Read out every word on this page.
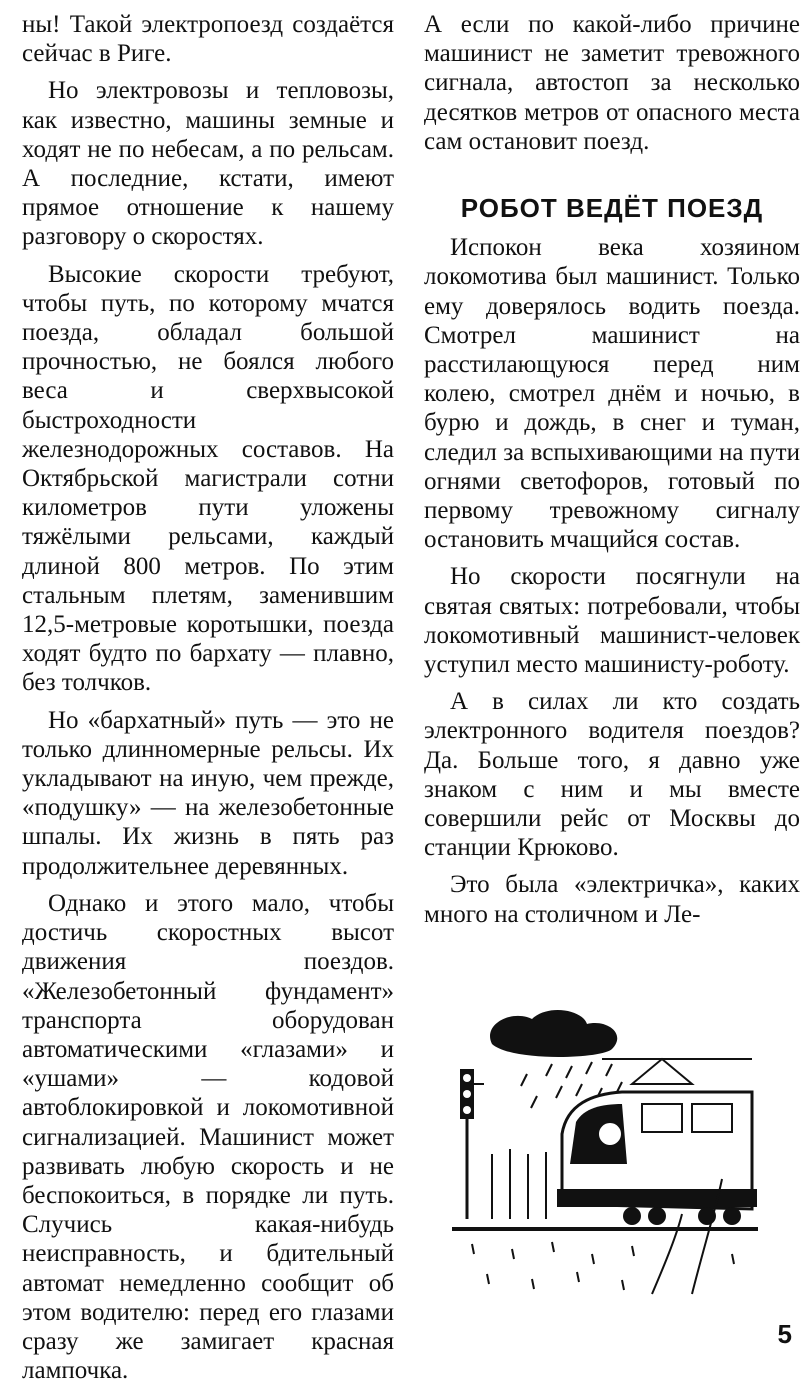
ны! Такой электропоезд создаётся сейчас в Риге.

Но электровозы и тепловозы, как известно, машины земные и ходят не по небесам, а по рельсам. А последние, кстати, имеют прямое отношение к нашему разговору о скоростях.

Высокие скорости требуют, чтобы путь, по которому мчатся поезда, обладал большой прочностью, не боялся любого веса и сверхвысокой быстроходности железнодорожных составов. На Октябрьской магистрали сотни километров пути уложены тяжёлыми рельсами, каждый длиной 800 метров. По этим стальным плетям, заменившим 12,5-метровые коротышки, поезда ходят будто по бархату — плавно, без толчков.

Но «бархатный» путь — это не только длинномерные рельсы. Их укладывают на иную, чем прежде, «подушку» — на железобетонные шпалы. Их жизнь в пять раз продолжительнее деревянных.

Однако и этого мало, чтобы достичь скоростных высот движения поездов. «Железобетонный фундамент» транспорта оборудован автоматическими «глазами» и «ушами» — кодовой автоблокировкой и локомотивной сигнализацией. Машинист может развивать любую скорость и не беспокоиться, в порядке ли путь. Случись какая-нибудь неисправность, и бдительный автомат немедленно сообщит об этом водителю: перед его глазами сразу же замигает красная лампочка.

А если по какой-либо причине машинист не заметит тревожного сигнала, автостоп за несколько десятков метров от опасного места сам остановит поезд.

РОБОТ ВЕДЁТ ПОЕЗД

Испокон века хозяином локомотива был машинист. Только ему доверялось водить поезда. Смотрел машинист на расстилающуюся перед ним колею, смотрел днём и ночью, в бурю и дождь, в снег и туман, следил за вспыхивающими на пути огнями светофоров, готовый по первому тревожному сигналу остановить мчащийся состав.

Но скорости посягнули на святая святых: потребовали, чтобы локомотивный машинист-человек уступил место машинисту-роботу.

А в силах ли кто создать электронного водителя поездов? Да. Больше того, я давно уже знаком с ним и мы вместе совершили рейс от Москвы до станции Крюково.

Это была «электричка», каких много на столичном и Ле-

5
